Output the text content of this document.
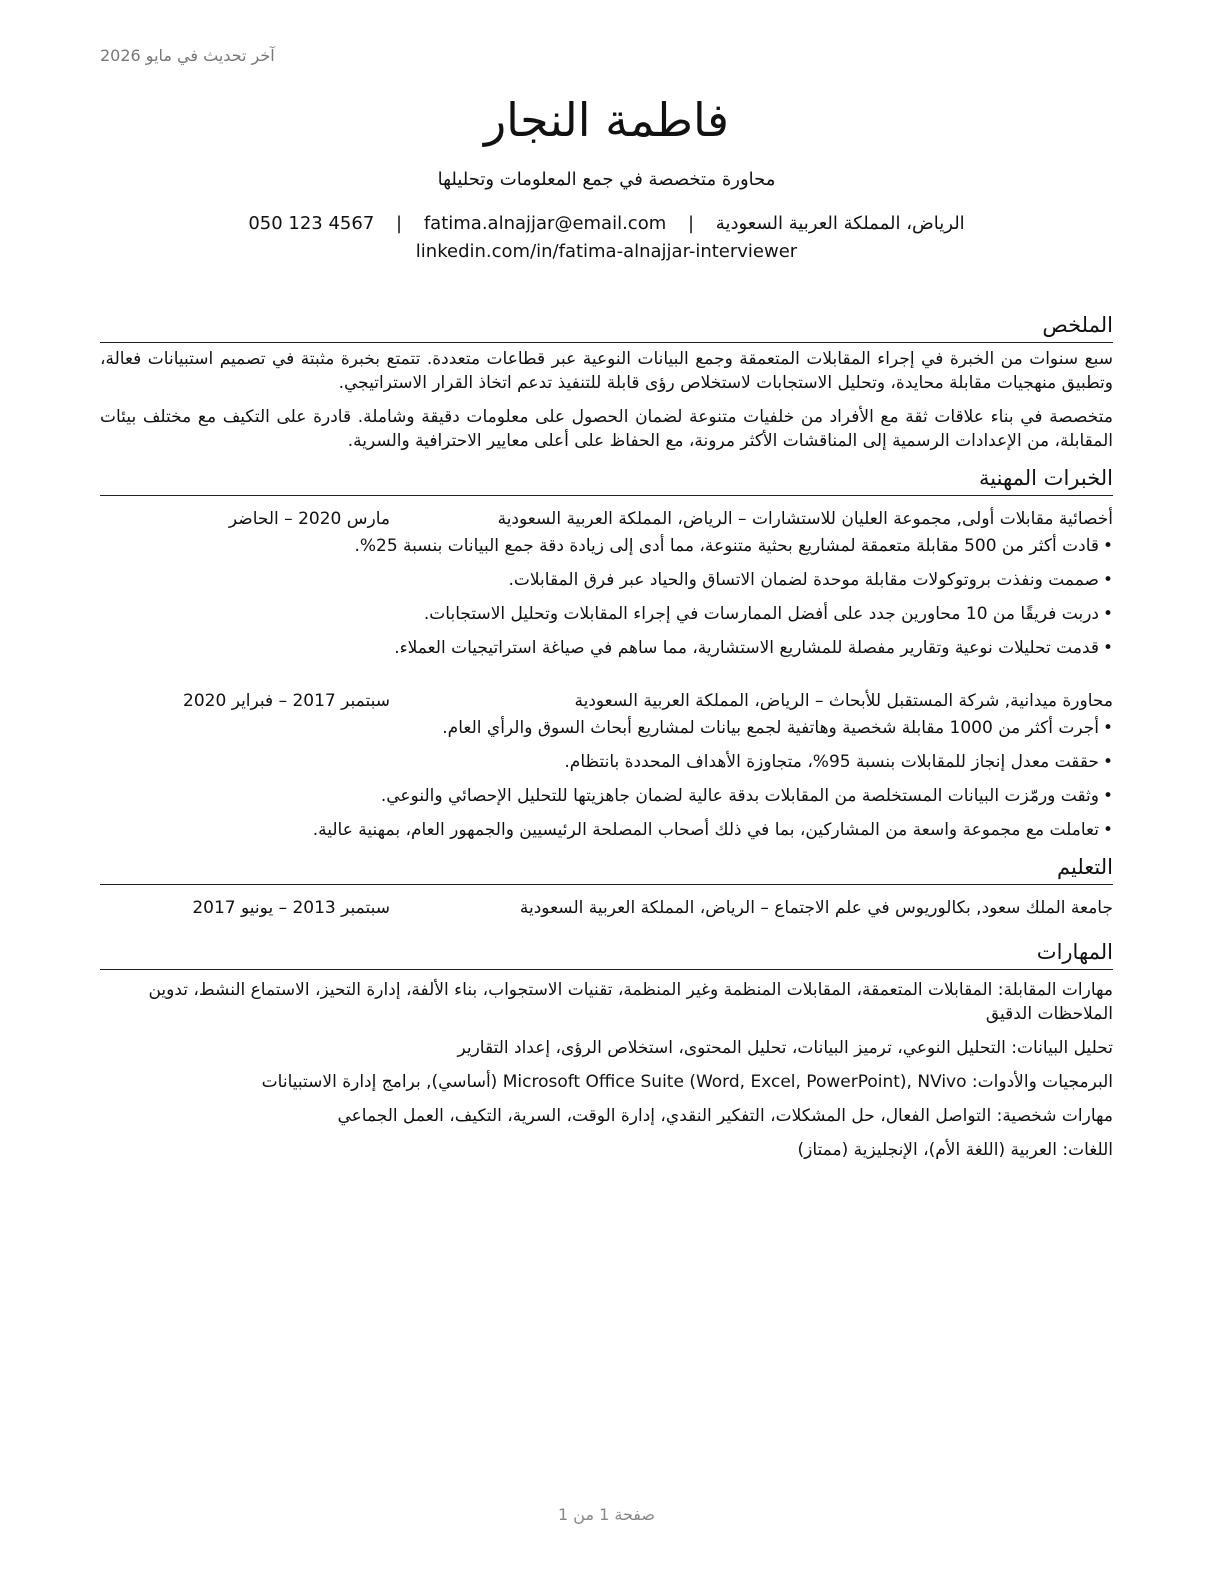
آخر تحديث في مايو 2026
فاطمة النجار
محاورة متخصصة في جمع المعلومات وتحليلها
الرياض، المملكة العربية السعودية | fatima.alnajjar@email.com | 050 123 4567
linkedin.com/in/fatima-alnajjar-interviewer
الملخص

سبع سنوات من الخبرة في إجراء المقابلات المتعمقة وجمع البيانات النوعية عبر قطاعات متعددة. تتمتع بخبرة مثبتة في تصميم استبيانات فعالة، وتطبيق منهجيات مقابلة محايدة، وتحليل الاستجابات لاستخلاص رؤى قابلة للتنفيذ تدعم اتخاذ القرار الاستراتيجي.

متخصصة في بناء علاقات ثقة مع الأفراد من خلفيات متنوعة لضمان الحصول على معلومات دقيقة وشاملة. قادرة على التكيف مع مختلف بيئات المقابلة، من الإعدادات الرسمية إلى المناقشات الأكثر مرونة، مع الحفاظ على أعلى معايير الاحترافية والسرية.

الخبرات المهنية
أخصائية مقابلات أولى, مجموعة العليان للاستشارات – الرياض، المملكة العربية السعودية
مارس 2020 – الحاضر
•
قادت أكثر من 500 مقابلة متعمقة لمشاريع بحثية متنوعة، مما أدى إلى زيادة دقة جمع البيانات بنسبة 25%.
•
صممت ونفذت بروتوكولات مقابلة موحدة لضمان الاتساق والحياد عبر فرق المقابلات.
•
دربت فريقًا من 10 محاورين جدد على أفضل الممارسات في إجراء المقابلات وتحليل الاستجابات.
•
قدمت تحليلات نوعية وتقارير مفصلة للمشاريع الاستشارية، مما ساهم في صياغة استراتيجيات العملاء.
محاورة ميدانية, شركة المستقبل للأبحاث – الرياض، المملكة العربية السعودية
سبتمبر 2017 – فبراير 2020
•
أجرت أكثر من 1000 مقابلة شخصية وهاتفية لجمع بيانات لمشاريع أبحاث السوق والرأي العام.
•
حققت معدل إنجاز للمقابلات بنسبة 95%، متجاوزة الأهداف المحددة بانتظام.
•
وثقت ورمّزت البيانات المستخلصة من المقابلات بدقة عالية لضمان جاهزيتها للتحليل الإحصائي والنوعي.
•
تعاملت مع مجموعة واسعة من المشاركين، بما في ذلك أصحاب المصلحة الرئيسيين والجمهور العام، بمهنية عالية.
التعليم
جامعة الملك سعود, بكالوريوس في علم الاجتماع – الرياض، المملكة العربية السعودية
سبتمبر 2013 – يونيو 2017
المهارات
مهارات المقابلة: المقابلات المتعمقة، المقابلات المنظمة وغير المنظمة، تقنيات الاستجواب، بناء الألفة، إدارة التحيز، الاستماع النشط، تدوين الملاحظات الدقيق
تحليل البيانات: التحليل النوعي، ترميز البيانات، تحليل المحتوى، استخلاص الرؤى، إعداد التقارير
البرمجيات والأدوات: Microsoft Office Suite (Word, Excel, PowerPoint), NVivo (أساسي), برامج إدارة الاستبيانات
مهارات شخصية: التواصل الفعال، حل المشكلات، التفكير النقدي، إدارة الوقت، السرية، التكيف، العمل الجماعي
اللغات: العربية (اللغة الأم)، الإنجليزية (ممتاز)
صفحة 1 من 1
